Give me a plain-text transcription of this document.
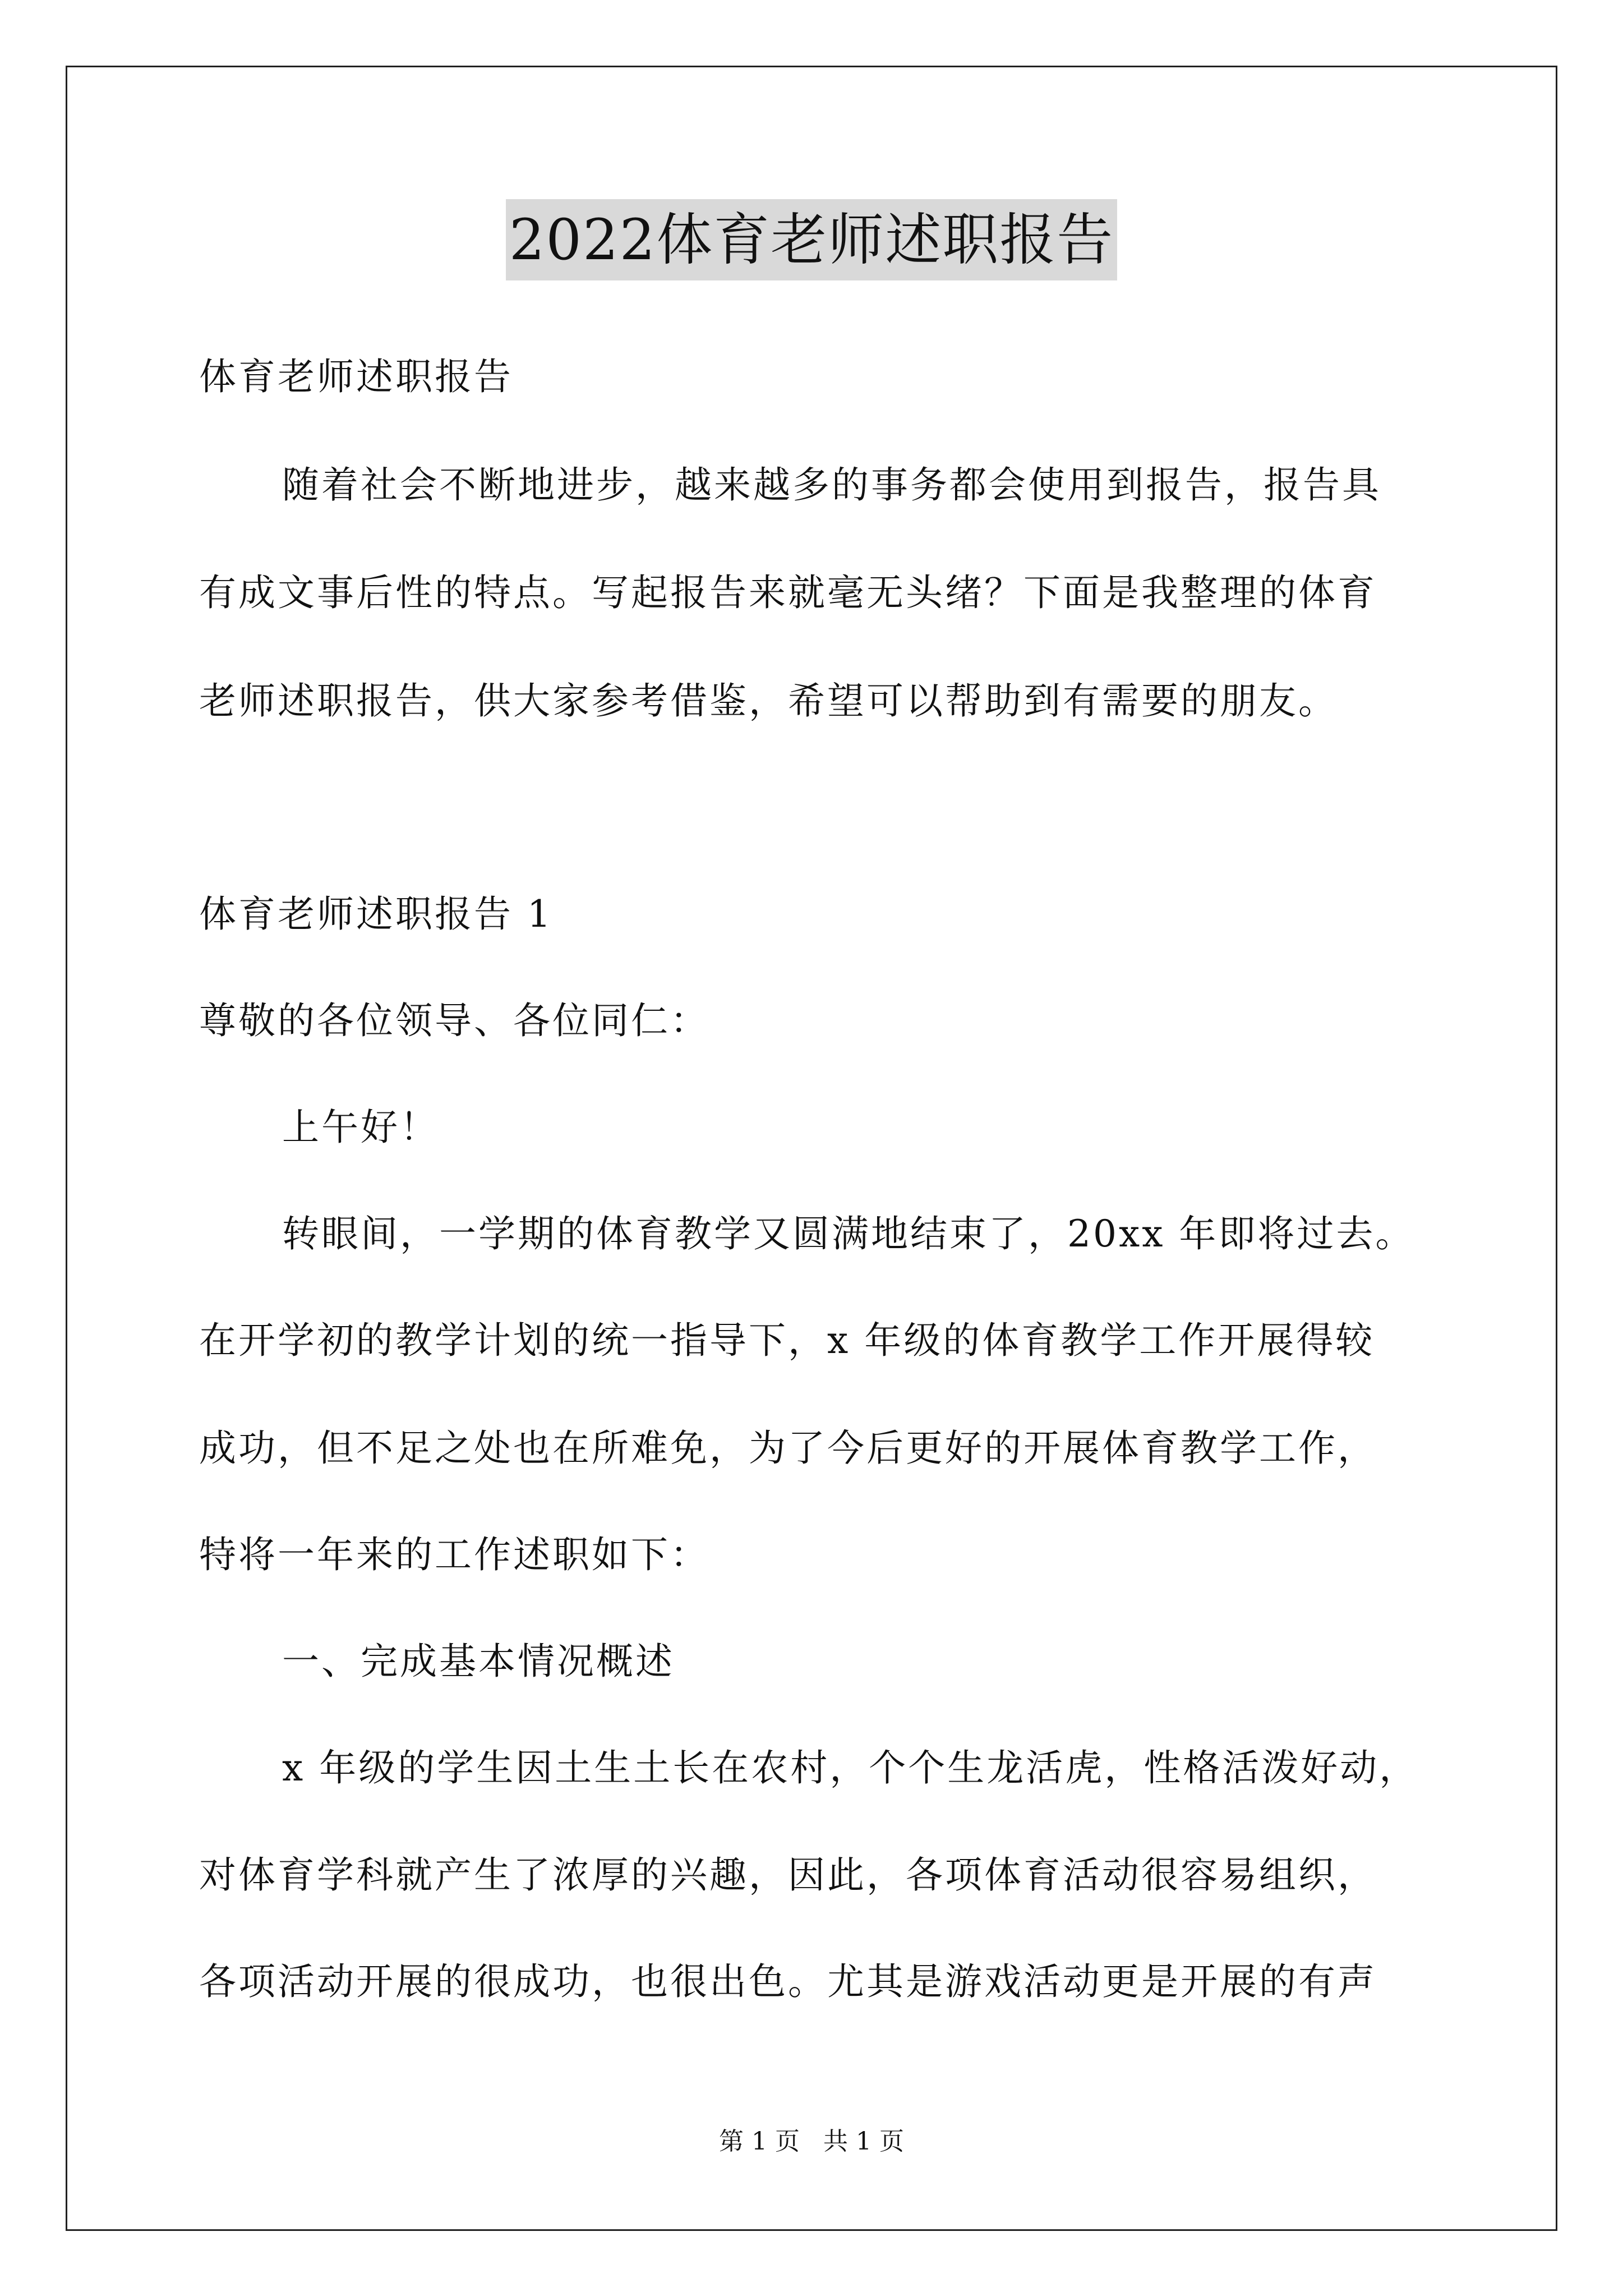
2022体育老师述职报告
体育老师述职报告
随着社会不断地进步，越来越多的事务都会使用到报告，报告具
有成文事后性的特点。写起报告来就毫无头绪？下面是我整理的体育
老师述职报告，供大家参考借鉴，希望可以帮助到有需要的朋友。
体育老师述职报告 1
尊敬的各位领导、各位同仁：
上午好！
转眼间，一学期的体育教学又圆满地结束了，20xx 年即将过去。
在开学初的教学计划的统一指导下，x 年级的体育教学工作开展得较
成功，但不足之处也在所难免，为了今后更好的开展体育教学工作，
特将一年来的工作述职如下：
一、完成基本情况概述
x 年级的学生因土生土长在农村，个个生龙活虎，性格活泼好动，
对体育学科就产生了浓厚的兴趣，因此，各项体育活动很容易组织，
各项活动开展的很成功，也很出色。尤其是游戏活动更是开展的有声
第 1 页 共 1 页
